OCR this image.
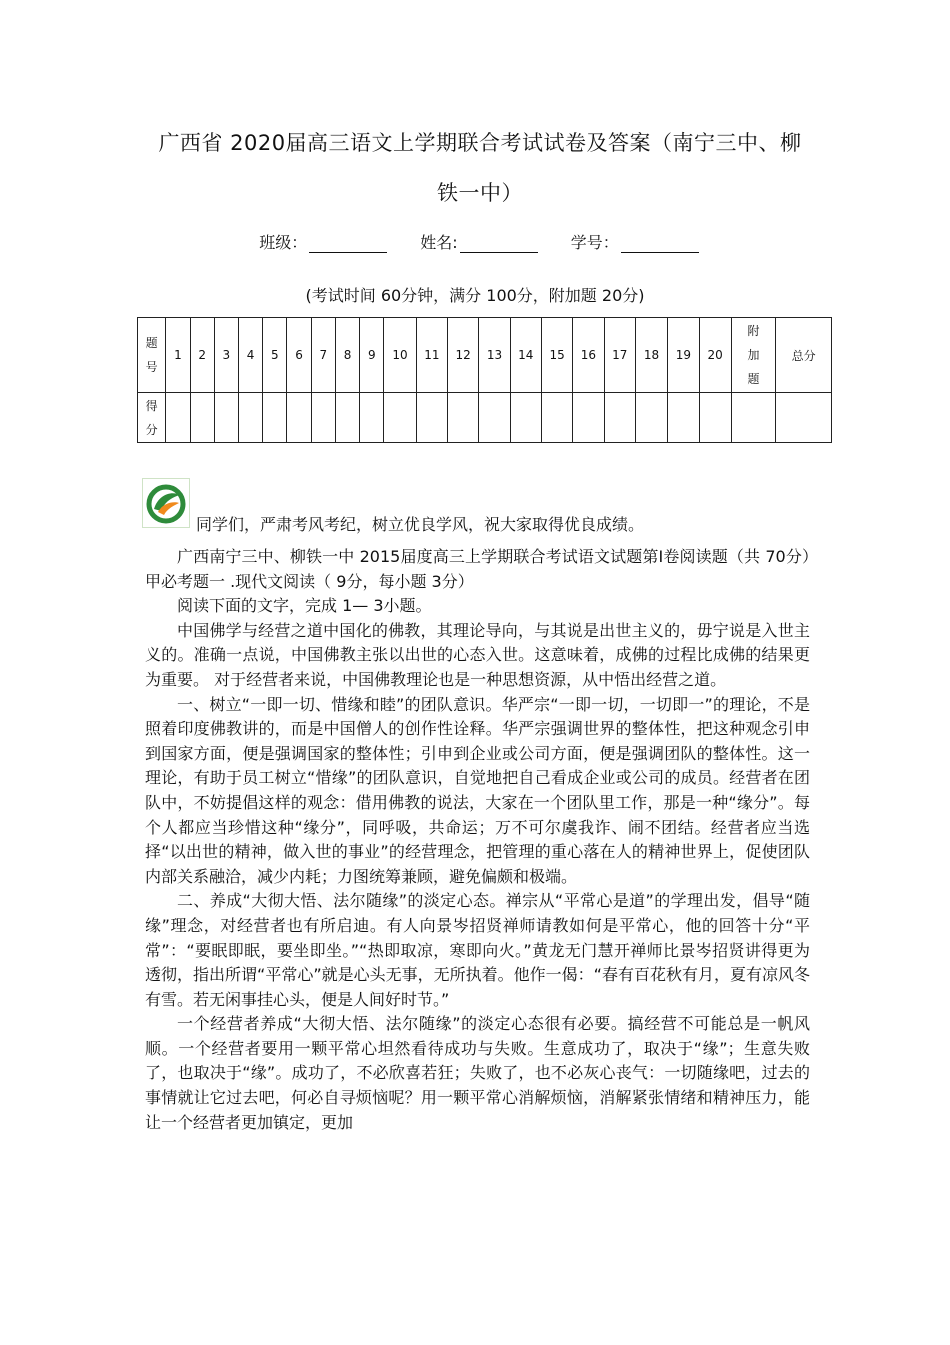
广西省 2020届高三语文上学期联合考试试卷及答案（南宁三中、柳
铁一中）
班级：	姓名:	学号：
(考试时间 60分钟，满分 100分，附加题 20分)
题号	1	2	3	4	5	6	7	8	9	10	11	12	13	14	15	16	17	18	19	20	附加题	总分
得分																						
同学们，严肃考风考纪，树立优良学风，祝大家取得优良成绩。

广西南宁三中、柳铁一中 2015届度高三上学期联合考试语文试题第Ⅰ卷阅读题（共 70分）甲必考题一 .现代文阅读（ 9分，每小题 3分）

阅读下面的文字，完成 1— 3小题。

中国佛学与经营之道中国化的佛教，其理论导向，与其说是出世主义的，毋宁说是入世主义的。准确一点说，中国佛教主张以出世的心态入世。这意味着，成佛的过程比成佛的结果更为重要。 对于经营者来说，中国佛教理论也是一种思想资源，从中悟出经营之道。

一、树立“一即一切、惜缘和睦”的团队意识。华严宗“一即一切，一切即一”的理论，不是照着印度佛教讲的，而是中国僧人的创作性诠释。华严宗强调世界的整体性，把这种观念引申到国家方面，便是强调国家的整体性；引申到企业或公司方面，便是强调团队的整体性。这一理论，有助于员工树立“惜缘”的团队意识，自觉地把自己看成企业或公司的成员。经营者在团队中，不妨提倡这样的观念：借用佛教的说法，大家在一个团队里工作，那是一种“缘分”。每个人都应当珍惜这种“缘分”，同呼吸，共命运；万不可尔虞我诈、闹不团结。经营者应当选择“以出世的精神，做入世的事业”的经营理念，把管理的重心落在人的精神世界上，促使团队内部关系融洽，减少内耗；力图统筹兼顾，避免偏颇和极端。

二、养成“大彻大悟、法尔随缘”的淡定心态。禅宗从“平常心是道”的学理出发，倡导“随缘”理念，对经营者也有所启迪。有人向景岑招贤禅师请教如何是平常心，他的回答十分“平常”：“要眠即眠，要坐即坐。”“热即取凉，寒即向火。”黄龙无门慧开禅师比景岑招贤讲得更为透彻，指出所谓“平常心”就是心头无事，无所执着。他作一偈：“春有百花秋有月，夏有凉风冬有雪。若无闲事挂心头，便是人间好时节。”

一个经营者养成“大彻大悟、法尔随缘”的淡定心态很有必要。搞经营不可能总是一帆风顺。一个经营者要用一颗平常心坦然看待成功与失败。生意成功了，取决于“缘”；生意失败了，也取决于“缘”。成功了，不必欣喜若狂；失败了，也不必灰心丧气：一切随缘吧，过去的事情就让它过去吧，何必自寻烦恼呢？用一颗平常心消解烦恼，消解紧张情绪和精神压力，能让一个经营者更加镇定，更加
